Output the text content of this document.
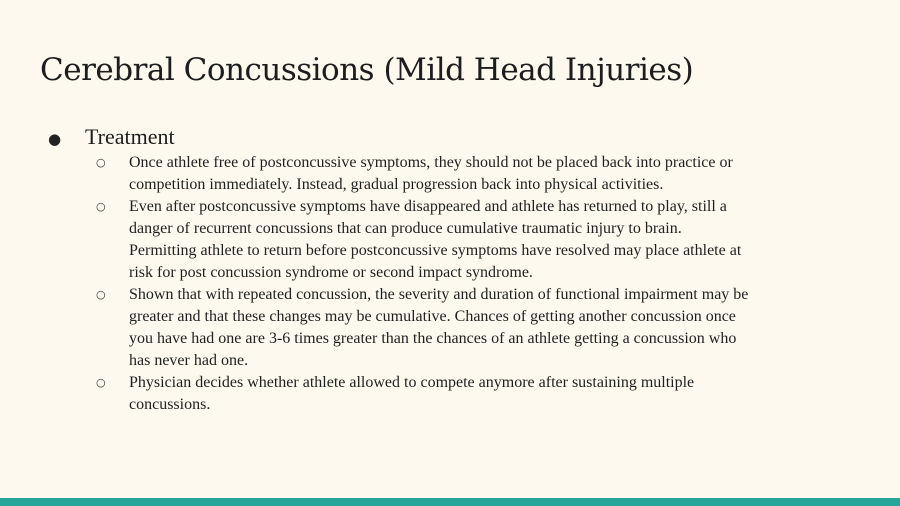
Cerebral Concussions (Mild Head Injuries)
●	Treatment
○	Once athlete free of postconcussive symptoms, they should not be placed back into practice or
competition immediately. Instead, gradual progression back into physical activities.
○	Even after postconcussive symptoms have disappeared and athlete has returned to play, still a
danger of recurrent concussions that can produce cumulative traumatic injury to brain.
Permitting athlete to return before postconcussive symptoms have resolved may place athlete at
risk for post concussion syndrome or second impact syndrome.
○	Shown that with repeated concussion, the severity and duration of functional impairment may be
greater and that these changes may be cumulative. Chances of getting another concussion once
you have had one are 3-6 times greater than the chances of an athlete getting a concussion who
has never had one.
○	Physician decides whether athlete allowed to compete anymore after sustaining multiple
concussions.
